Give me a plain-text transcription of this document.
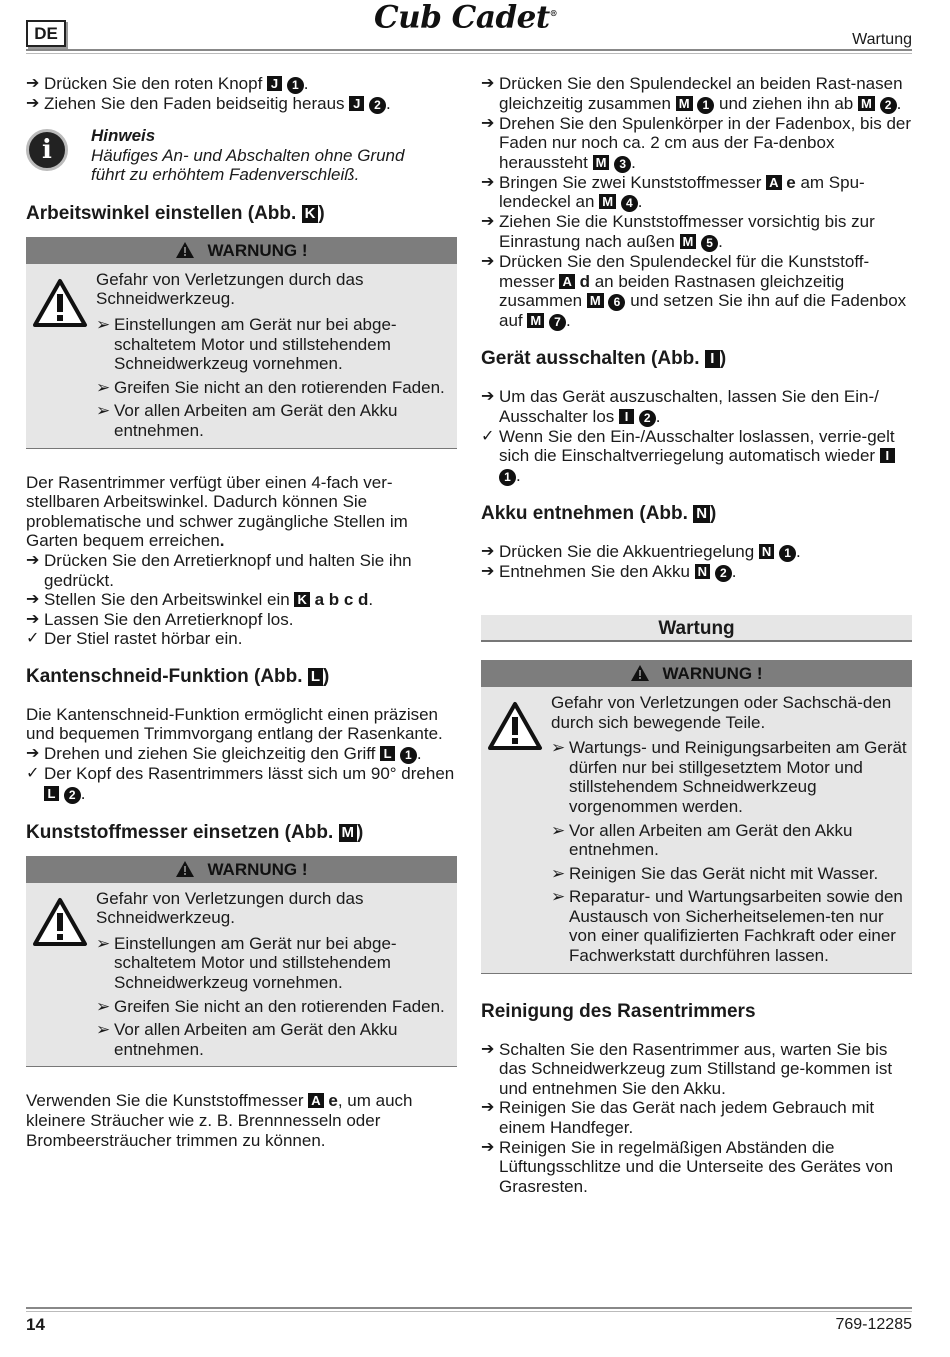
DE	Cub Cadet®
Wartung
➔ Drücken Sie den roten Knopf J 1 .
➔ Ziehen Sie den Faden beidseitig heraus J 2 .
i	Hinweis
Häufiges An- und Abschalten ohne Grund
führt zu erhöhtem Fadenverschleiß.
Arbeitswinkel einstellen (Abb. K )
WARNUNG !

Gefahr von Verletzungen durch das Schneidwerkzeug.

➢ Einstellungen am Gerät nur bei abge-schaltetem Motor und stillstehendem Schneidwerkzeug vornehmen.
➢ Greifen Sie nicht an den rotierenden Faden.
➢ Vor allen Arbeiten am Gerät den Akku entnehmen.

Der Rasentrimmer verfügt über einen 4-fach ver-stellbaren Arbeitswinkel. Dadurch können Sie problematische und schwer zugängliche Stellen im Garten bequem erreichen.

➔ Drücken Sie den Arretierknopf und halten Sie ihn gedrückt.
➔ Stellen Sie den Arbeitswinkel ein K a b c d.
➔ Lassen Sie den Arretierknopf los.
✓ Der Stiel rastet hörbar ein.
Kantenschneid-Funktion (Abb. L )

Die Kantenschneid-Funktion ermöglicht einen präzisen und bequemen Trimmvorgang entlang der Rasenkante.

➔ Drehen und ziehen Sie gleichzeitig den Griff L 1 .
✓ Der Kopf des Rasentrimmers lässt sich um 90° drehen L 2 .
Kunststoffmesser einsetzen (Abb. M )
WARNUNG !

Gefahr von Verletzungen durch das Schneidwerkzeug.

➢ Einstellungen am Gerät nur bei abge-schaltetem Motor und stillstehendem Schneidwerkzeug vornehmen.
➢ Greifen Sie nicht an den rotierenden Faden.
➢ Vor allen Arbeiten am Gerät den Akku entnehmen.

Verwenden Sie die Kunststoffmesser A e, um auch kleinere Sträucher wie z. B. Brennnesseln oder Brombeersträucher trimmen zu können.

➔ Drücken Sie den Spulendeckel an beiden Rast-nasen gleichzeitig zusammen M 1 und ziehen ihn ab M 2 .
➔ Drehen Sie den Spulenkörper in der Fadenbox, bis der Faden nur noch ca. 2 cm aus der Fa-denbox heraussteht M 3 .
➔ Bringen Sie zwei Kunststoffmesser A e am Spu-lendeckel an M 4 .
➔ Ziehen Sie die Kunststoffmesser vorsichtig bis zur Einrastung nach außen M 5 .
➔ Drücken Sie den Spulendeckel für die Kunststoff-messer A d an beiden Rastnasen gleichzeitig zusammen M 6 und setzen Sie ihn auf die Fadenbox auf M 7 .
Gerät ausschalten (Abb. I )
➔ Um das Gerät auszuschalten, lassen Sie den Ein-/ Ausschalter los I 2 .
✓ Wenn Sie den Ein-/Ausschalter loslassen, verrie-gelt sich die Einschaltverriegelung automatisch wieder I 1 .
Akku entnehmen (Abb. N )
➔ Drücken Sie die Akkuentriegelung N 1 .
➔ Entnehmen Sie den Akku N 2 .
Wartung
WARNUNG !

Gefahr von Verletzungen oder Sachschä-den durch sich bewegende Teile.

➢ Wartungs- und Reinigungsarbeiten am Gerät dürfen nur bei stillgesetztem Motor und stillstehendem Schneidwerkzeug vorgenommen werden.
➢ Vor allen Arbeiten am Gerät den Akku entnehmen.
➢ Reinigen Sie das Gerät nicht mit Wasser.
➢ Reparatur- und Wartungsarbeiten sowie den Austausch von Sicherheitselemen-ten nur von einer qualifizierten Fachkraft oder einer Fachwerkstatt durchführen lassen.
Reinigung des Rasentrimmers
➔ Schalten Sie den Rasentrimmer aus, warten Sie bis das Schneidwerkzeug zum Stillstand ge-kommen ist und entnehmen Sie den Akku.
➔ Reinigen Sie das Gerät nach jedem Gebrauch mit einem Handfeger.
➔ Reinigen Sie in regelmäßigen Abständen die Lüftungsschlitze und die Unterseite des Gerätes von Grasresten.
14	769-12285
